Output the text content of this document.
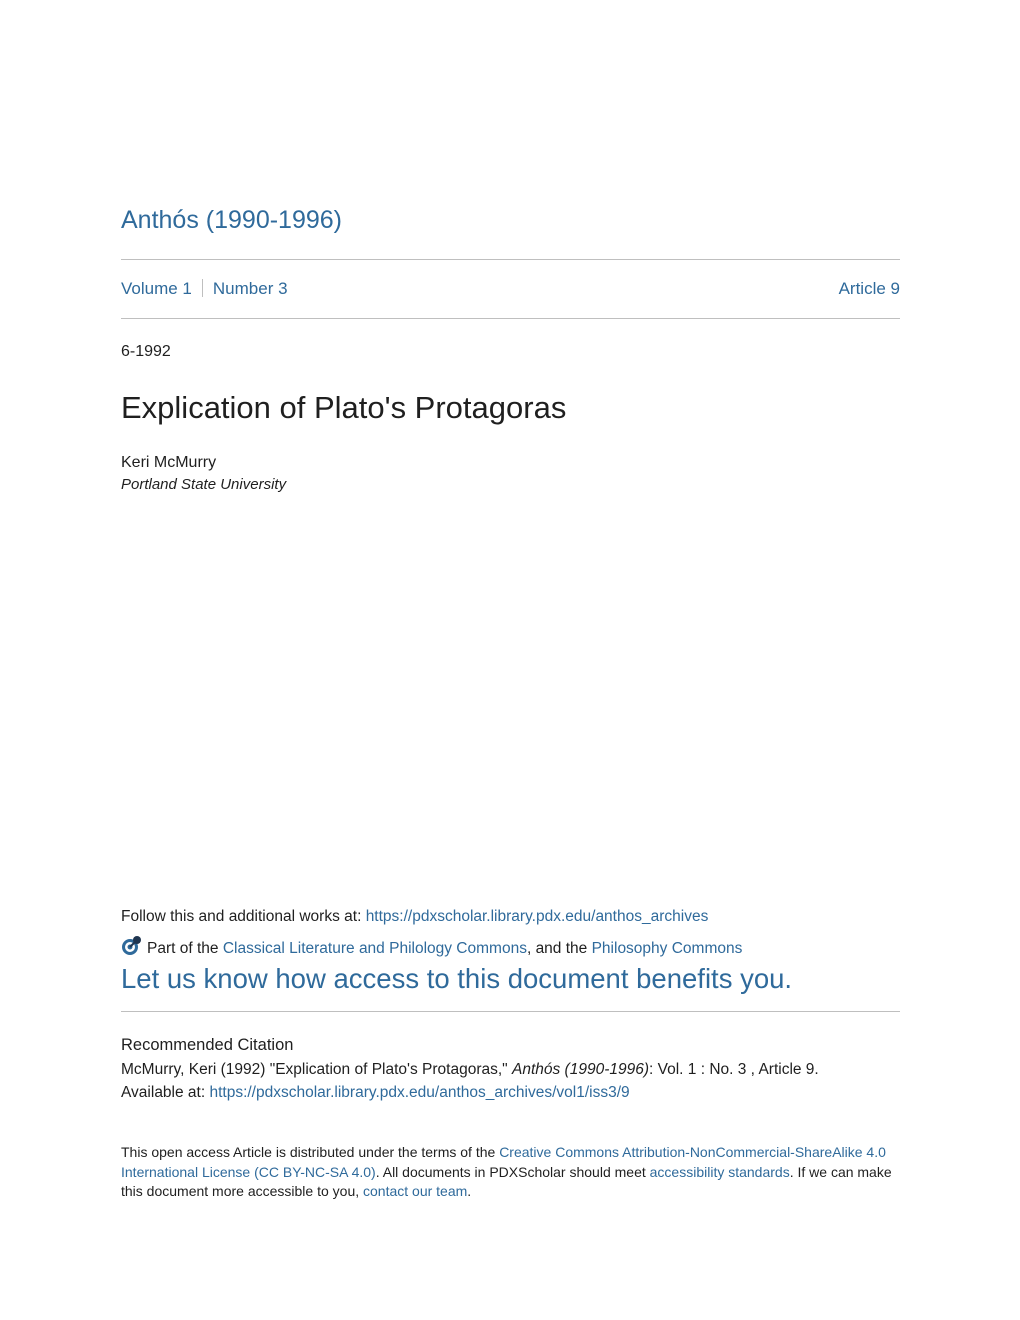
Anthós (1990-1996)
Volume 1 Number 3	Article 9
6-1992
Explication of Plato's Protagoras
Keri McMurry
Portland State University
Follow this and additional works at: https://pdxscholar.library.pdx.edu/anthos_archives
Part of the Classical Literature and Philology Commons, and the Philosophy Commons
Let us know how access to this document benefits you.
Recommended Citation
McMurry, Keri (1992) "Explication of Plato's Protagoras," Anthós (1990-1996): Vol. 1 : No. 3 , Article 9.
Available at: https://pdxscholar.library.pdx.edu/anthos_archives/vol1/iss3/9
This open access Article is distributed under the terms of the Creative Commons Attribution-NonCommercial-ShareAlike 4.0 International License (CC BY-NC-SA 4.0). All documents in PDXScholar should meet accessibility standards. If we can make this document more accessible to you, contact our team.
